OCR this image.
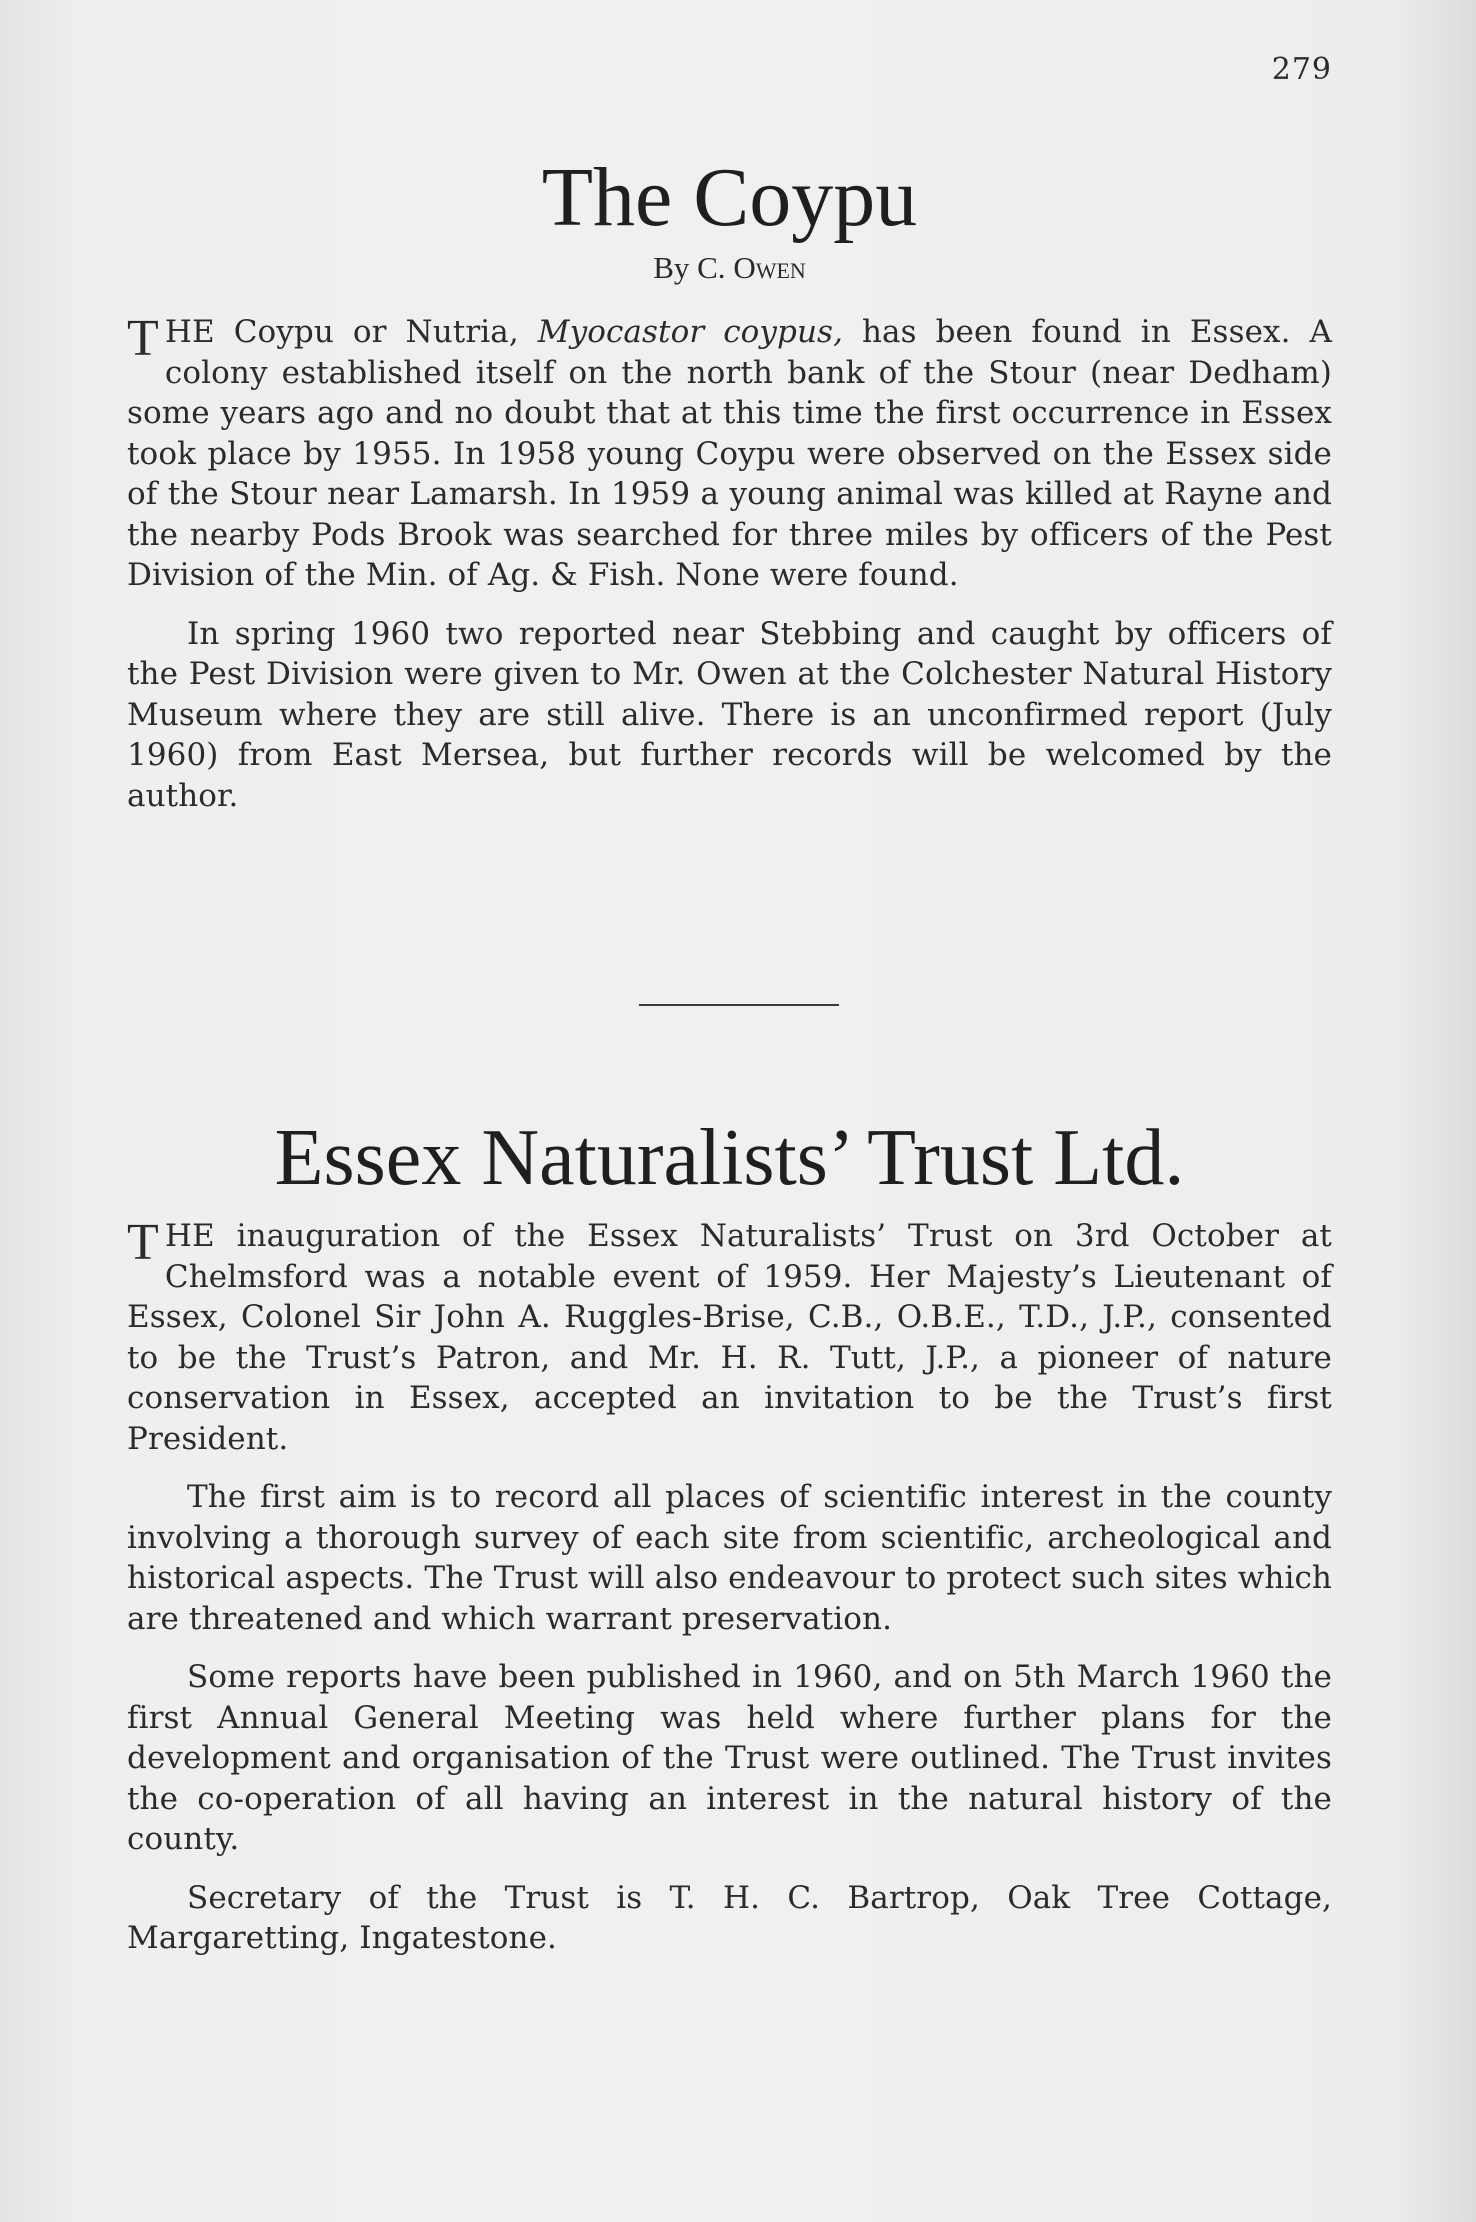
279
The Coypu
By C. Owen

THE Coypu or Nutria, Myocastor coypus, has been found in Essex. A colony established itself on the north bank of the Stour (near Dedham) some years ago and no doubt that at this time the first occurrence in Essex took place by 1955. In 1958 young Coypu were observed on the Essex side of the Stour near Lamarsh. In 1959 a young animal was killed at Rayne and the nearby Pods Brook was searched for three miles by officers of the Pest Division of the Min. of Ag. & Fish. None were found.

In spring 1960 two reported near Stebbing and caught by officers of the Pest Division were given to Mr. Owen at the Colchester Natural History Museum where they are still alive. There is an unconfirmed report (July 1960) from East Mersea, but further records will be welcomed by the author.

Essex Naturalists’ Trust Ltd.

THE inauguration of the Essex Naturalists’ Trust on 3rd October at Chelmsford was a notable event of 1959. Her Majesty’s Lieutenant of Essex, Colonel Sir John A. Ruggles-Brise, C.B., O.B.E., T.D., J.P., consented to be the Trust’s Patron, and Mr. H. R. Tutt, J.P., a pioneer of nature conservation in Essex, accepted an invitation to be the Trust’s first President.

The first aim is to record all places of scientific interest in the county involving a thorough survey of each site from scientific, archeological and historical aspects. The Trust will also endeavour to protect such sites which are threatened and which warrant preservation.

Some reports have been published in 1960, and on 5th March 1960 the first Annual General Meeting was held where further plans for the development and organisation of the Trust were outlined. The Trust invites the co-operation of all having an interest in the natural history of the county.

Secretary of the Trust is T. H. C. Bartrop, Oak Tree Cottage, Margaretting, Ingatestone.
